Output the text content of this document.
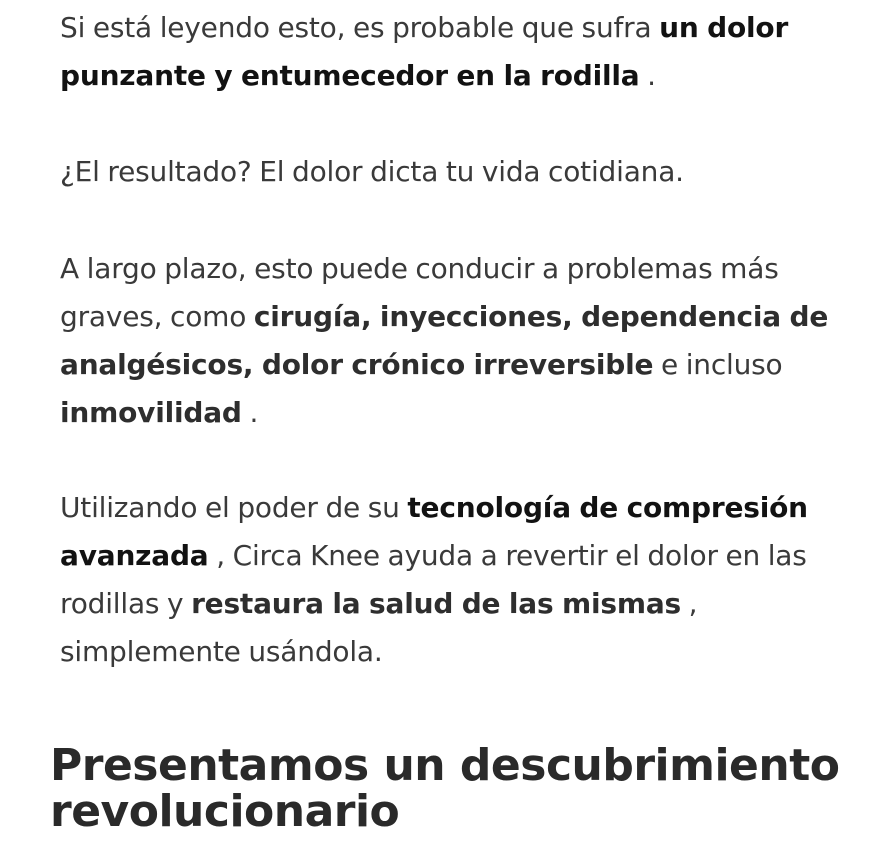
Si está leyendo esto, es probable que sufra un dolor punzante y entumecedor en la rodilla .

¿El resultado? El dolor dicta tu vida cotidiana.

A largo plazo, esto puede conducir a problemas más graves, como cirugía, inyecciones, dependencia de analgésicos, dolor crónico irreversible e incluso inmovilidad .

Utilizando el poder de su tecnología de compresión avanzada , Circa Knee ayuda a revertir el dolor en las rodillas y restaura la salud de las mismas , simplemente usándola.

Presentamos un descubrimiento revolucionario
